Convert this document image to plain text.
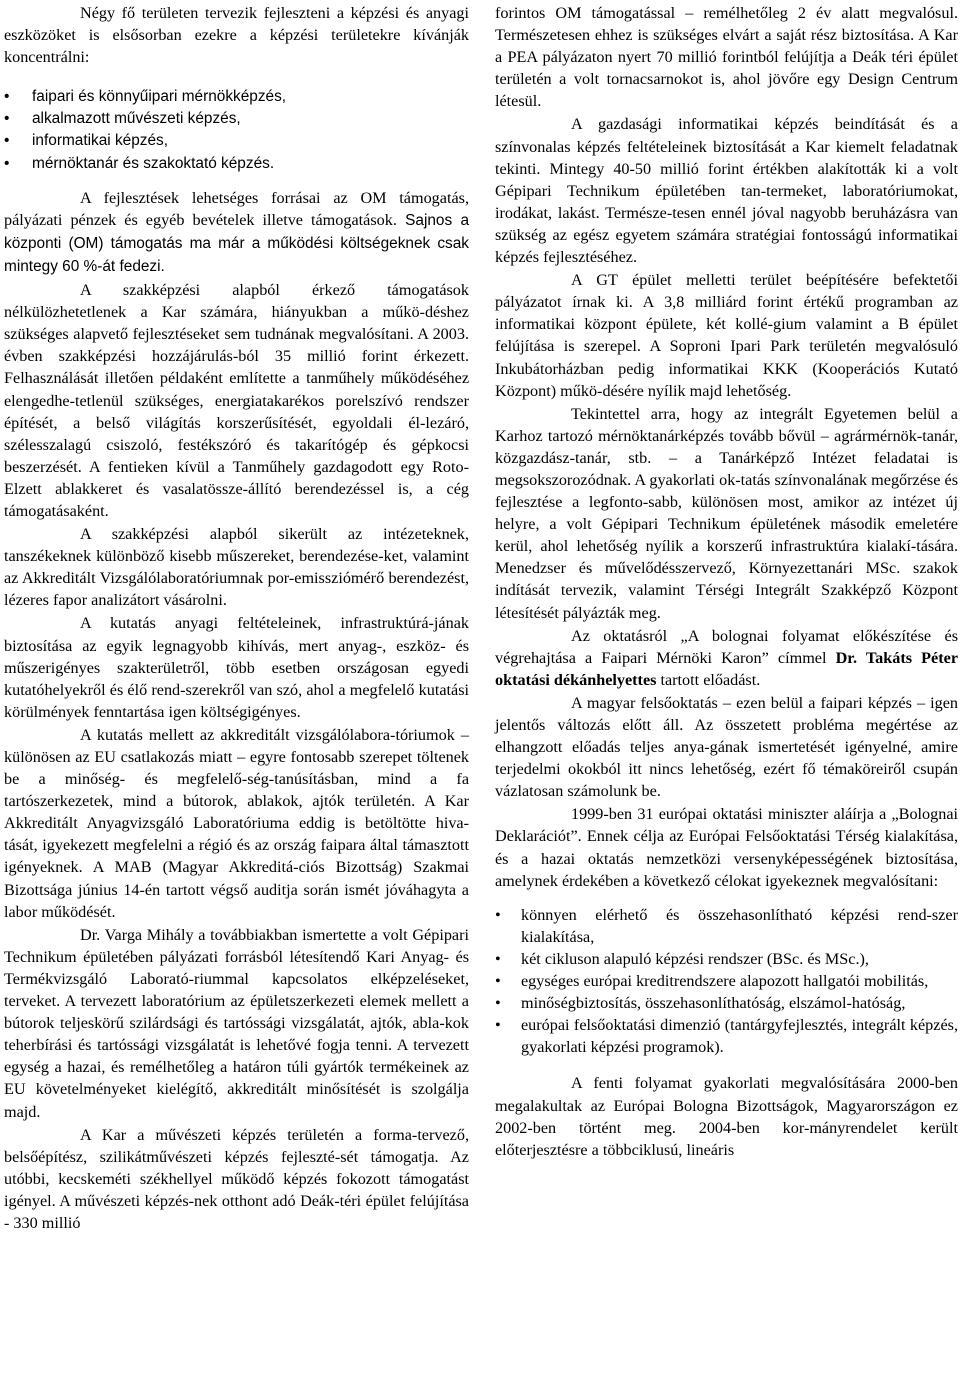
Négy fő területen tervezik fejleszteni a képzési és anyagi eszközöket is elsősorban ezekre a képzési területekre kívánják koncentrálni:

• faipari és könnyűipari mérnökképzés,
• alkalmazott művészeti képzés,
• informatikai képzés,
• mérnöktanár és szakoktató képzés.

A fejlesztések lehetséges forrásai az OM támogatás, pályázati pénzek és egyéb bevételek illetve támogatások. Sajnos a központi (OM) támogatás ma már a működési költségeknek csak mintegy 60 %-át fedezi.

A szakképzési alapból érkező támogatások nélkülözhetetlenek a Kar számára, hiányukban a műkö-déshez szükséges alapvető fejlesztéseket sem tudnának megvalósítani. A 2003. évben szakképzési hozzájárulás-ból 35 millió forint érkezett. Felhasználását illetően példaként említette a tanműhely működéséhez elengedhe-tetlenül szükséges, energiatakarékos porelszívó rendszer építését, a belső világítás korszerűsítését, egyoldali él-lezáró, szélesszalagú csiszoló, festékszóró és takarítógép és gépkocsi beszerzését. A fentieken kívül a Tanműhely gazdagodott egy Roto-Elzett ablakkeret és vasalatössze-állító berendezéssel is, a cég támogatásaként.

A szakképzési alapból sikerült az intézeteknek, tanszékeknek különböző kisebb műszereket, berendezése-ket, valamint az Akkreditált Vizsgálólaboratóriumnak por-emissziómérő berendezést, lézeres fapor analizátort vásárolni.

A kutatás anyagi feltételeinek, infrastruktúrá-jának biztosítása az egyik legnagyobb kihívás, mert anyag-, eszköz- és műszerigényes szakterületről, több esetben országosan egyedi kutatóhelyekről és élő rend-szerekről van szó, ahol a megfelelő kutatási körülmények fenntartása igen költségigényes.

A kutatás mellett az akkreditált vizsgálólabora-tóriumok – különösen az EU csatlakozás miatt – egyre fontosabb szerepet töltenek be a minőség- és megfelelő-ség-tanúsításban, mind a fa tartószerkezetek, mind a bútorok, ablakok, ajtók területén. A Kar Akkreditált Anyagvizsgáló Laboratóriuma eddig is betöltötte hiva-tását, igyekezett megfelelni a régió és az ország faipara által támasztott igényeknek. A MAB (Magyar Akkreditá-ciós Bizottság) Szakmai Bizottsága június 14-én tartott végső auditja során ismét jóváhagyta a labor működését.

Dr. Varga Mihály a továbbiakban ismertette a volt Gépipari Technikum épületében pályázati forrásból létesítendő Kari Anyag- és Termékvizsgáló Laborató-riummal kapcsolatos elképzeléseket, terveket. A tervezett laboratórium az épületszerkezeti elemek mellett a bútorok teljeskörű szilárdsági és tartóssági vizsgálatát, ajtók, abla-kok teherbírási és tartóssági vizsgálatát is lehetővé fogja tenni. A tervezett egység a hazai, és remélhetőleg a határon túli gyártók termékeinek az EU követelményeket kielégítő, akkreditált minősítését is szolgálja majd.

A Kar a művészeti képzés területén a forma-tervező, belsőépítész, szilikátművészeti képzés fejleszté-sét támogatja. Az utóbbi, kecskeméti székhellyel működő képzés fokozott támogatást igényel. A művészeti képzés-nek otthont adó Deák-téri épület felújítása - 330 millió

forintos OM támogatással – remélhetőleg 2 év alatt megvalósul. Természetesen ehhez is szükséges elvárt a saját rész biztosítása. A Kar a PEA pályázaton nyert 70 millió forintból felújítja a Deák téri épület területén a volt tornacsarnokot is, ahol jövőre egy Design Centrum létesül.

A gazdasági informatikai képzés beindítását és a színvonalas képzés feltételeinek biztosítását a Kar kiemelt feladatnak tekinti. Mintegy 40-50 millió forint értékben alakították ki a volt Gépipari Technikum épületében tan-termeket, laboratóriumokat, irodákat, lakást. Természe-tesen ennél jóval nagyobb beruházásra van szükség az egész egyetem számára stratégiai fontosságú informatikai képzés fejlesztéséhez.

A GT épület melletti terület beépítésére befektetői pályázatot írnak ki. A 3,8 milliárd forint értékű programban az informatikai központ épülete, két kollé-gium valamint a B épület felújítása is szerepel. A Soproni Ipari Park területén megvalósuló Inkubátorházban pedig informatikai KKK (Kooperációs Kutató Központ) műkö-désére nyílik majd lehetőség.

Tekintettel arra, hogy az integrált Egyetemen belül a Karhoz tartozó mérnöktanárképzés tovább bővül – agrármérnök-tanár, közgazdász-tanár, stb. – a Tanárképző Intézet feladatai is megsokszorozódnak. A gyakorlati ok-tatás színvonalának megőrzése és fejlesztése a legfonto-sabb, különösen most, amikor az intézet új helyre, a volt Gépipari Technikum épületének második emeletére kerül, ahol lehetőség nyílik a korszerű infrastruktúra kialakí-tására. Menedzser és művelődésszervező, Környezettanári MSc. szakok indítását tervezik, valamint Térségi Integrált Szakképző Központ létesítését pályázták meg.

Az oktatásról „A bolognai folyamat előkészítése és végrehajtása a Faipari Mérnöki Karon” címmel Dr. Takáts Péter oktatási dékánhelyettes tartott előadást.

A magyar felsőoktatás – ezen belül a faipari képzés – igen jelentős változás előtt áll. Az összetett probléma megértése az elhangzott előadás teljes anya-gának ismertetését igényelné, amire terjedelmi okokból itt nincs lehetőség, ezért fő témaköreiről csupán vázlatosan számolunk be.

1999-ben 31 európai oktatási miniszter aláírja a „Bolognai Deklarációt”. Ennek célja az Európai Felsőoktatási Térség kialakítása, és a hazai oktatás nemzetközi versenyképességének biztosítása, amelynek érdekében a következő célokat igyekeznek megvalósítani:

• könnyen elérhető és összehasonlítható képzési rend-szer kialakítása,
• két cikluson alapuló képzési rendszer (BSc. és MSc.),
• egységes európai kreditrendszere alapozott hallgatói mobilitás,
• minőségbiztosítás, összehasonlíthatóság, elszámol-hatóság,
• európai felsőoktatási dimenzió (tantárgyfejlesztés, integrált képzés, gyakorlati képzési programok).

A fenti folyamat gyakorlati megvalósítására 2000-ben megalakultak az Európai Bologna Bizottságok, Magyarországon ez 2002-ben történt meg. 2004-ben kor-mányrendelet került előterjesztésre a többciklusú, lineáris
